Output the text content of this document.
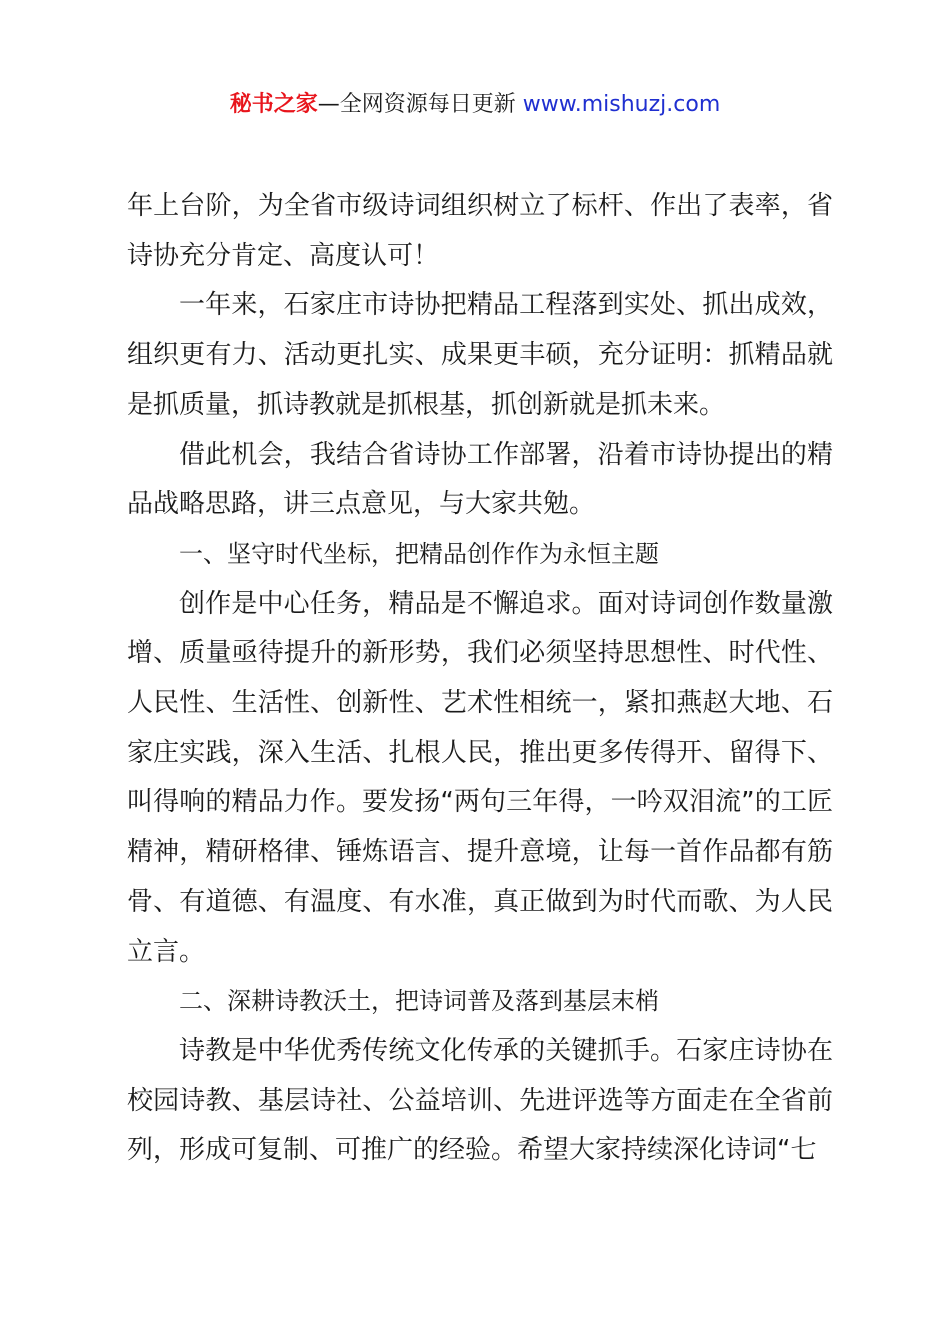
秘书之家—全网资源每日更新 www.mishuzj.com

年上台阶，为全省市级诗词组织树立了标杆、作出了表率，省诗协充分肯定、高度认可！

一年来，石家庄市诗协把精品工程落到实处、抓出成效，组织更有力、活动更扎实、成果更丰硕，充分证明：抓精品就是抓质量，抓诗教就是抓根基，抓创新就是抓未来。

借此机会，我结合省诗协工作部署，沿着市诗协提出的精品战略思路，讲三点意见，与大家共勉。

一、坚守时代坐标，把精品创作作为永恒主题

创作是中心任务，精品是不懈追求。面对诗词创作数量激增、质量亟待提升的新形势，我们必须坚持思想性、时代性、人民性、生活性、创新性、艺术性相统一，紧扣燕赵大地、石家庄实践，深入生活、扎根人民，推出更多传得开、留得下、叫得响的精品力作。要发扬“两句三年得，一吟双泪流”的工匠精神，精研格律、锤炼语言、提升意境，让每一首作品都有筋骨、有道德、有温度、有水准，真正做到为时代而歌、为人民立言。

二、深耕诗教沃土，把诗词普及落到基层末梢

诗教是中华优秀传统文化传承的关键抓手。石家庄诗协在校园诗教、基层诗社、公益培训、先进评选等方面走在全省前列，形成可复制、可推广的经验。希望大家持续深化诗词“七
